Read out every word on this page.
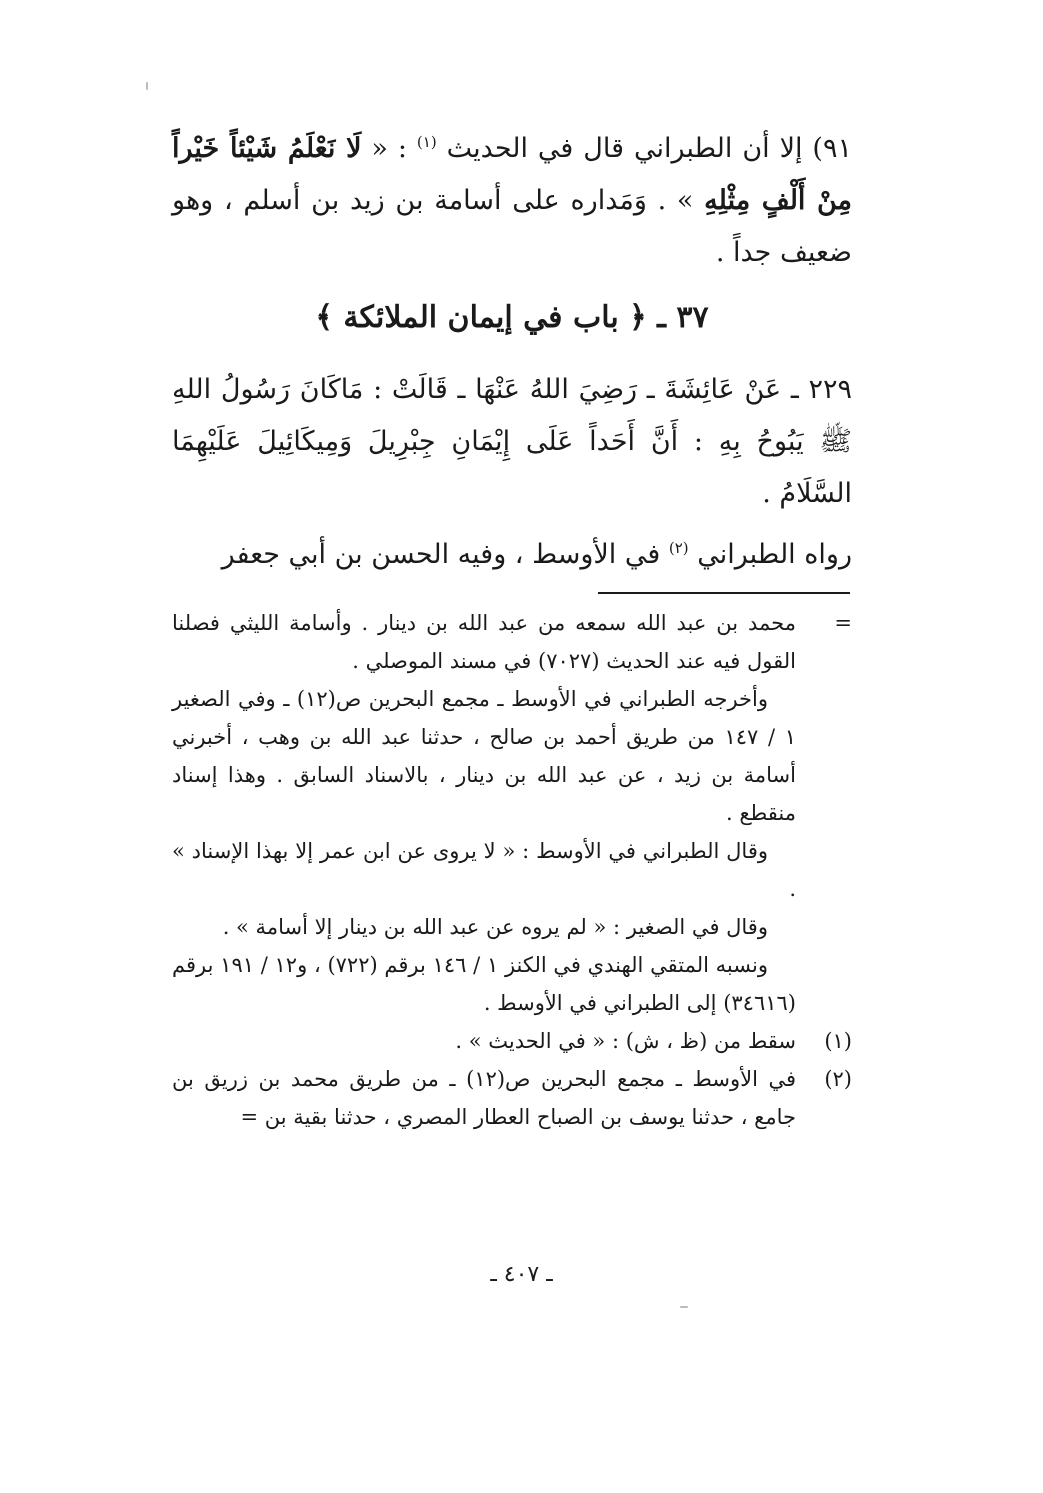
٩١) إلا أن الطبراني قال في الحديث $^{(١)}$ : « لَا نَعْلَمُ شَيْئاً خَيْراً مِنْ أَلْفٍ مِثْلِهِ » . وَمَداره على أسامة بن زيد بن أسلم ، وهو ضعيف جداً .
٣٧ ـ ﴿ باب في إيمان الملائكة ﴾
٢٢٩ ـ عَنْ عَائِشَةَ ـ رَضِيَ اللهُ عَنْهَا ـ قَالَتْ : مَاكَانَ رَسُولُ اللهِ ﷺ يَبُوحُ بِهِ : أَنَّ أَحَداً عَلَى إِيْمَانِ جِبْرِيلَ وَمِيكَائِيلَ عَلَيْهِمَا السَّلَامُ .
رواه الطبراني $^{(٢)}$ في الأوسط ، وفيه الحسن بن أبي جعفر
=
محمد بن عبد الله سمعه من عبد الله بن دينار . وأسامة الليثي فصلنا القول فيه عند الحديث (٧٠٢٧) في مسند الموصلي .
وأخرجه الطبراني في الأوسط ـ مجمع البحرين ص(١٢) ـ وفي الصغير ١ / ١٤٧ من طريق أحمد بن صالح ، حدثنا عبد الله بن وهب ، أخبرني أسامة بن زيد ، عن عبد الله بن دينار ، بالاسناد السابق . وهذا إسناد منقطع .
وقال الطبراني في الأوسط : « لا يروى عن ابن عمر إلا بهذا الإسناد » .
وقال في الصغير : « لم يروه عن عبد الله بن دينار إلا أسامة » .
ونسبه المتقي الهندي في الكنز ١ / ١٤٦ برقم (٧٢٢) ، و١٢ / ١٩١ برقم (٣٤٦١٦) إلى الطبراني في الأوسط .
(١)
سقط من (ظ ، ش) : « في الحديث » .
(٢)
في الأوسط ـ مجمع البحرين ص(١٢) ـ من طريق محمد بن زريق بن جامع ، حدثنا يوسف بن الصباح العطار المصري ، حدثنا بقية بن =
ـ ٤٠٧ ـ
